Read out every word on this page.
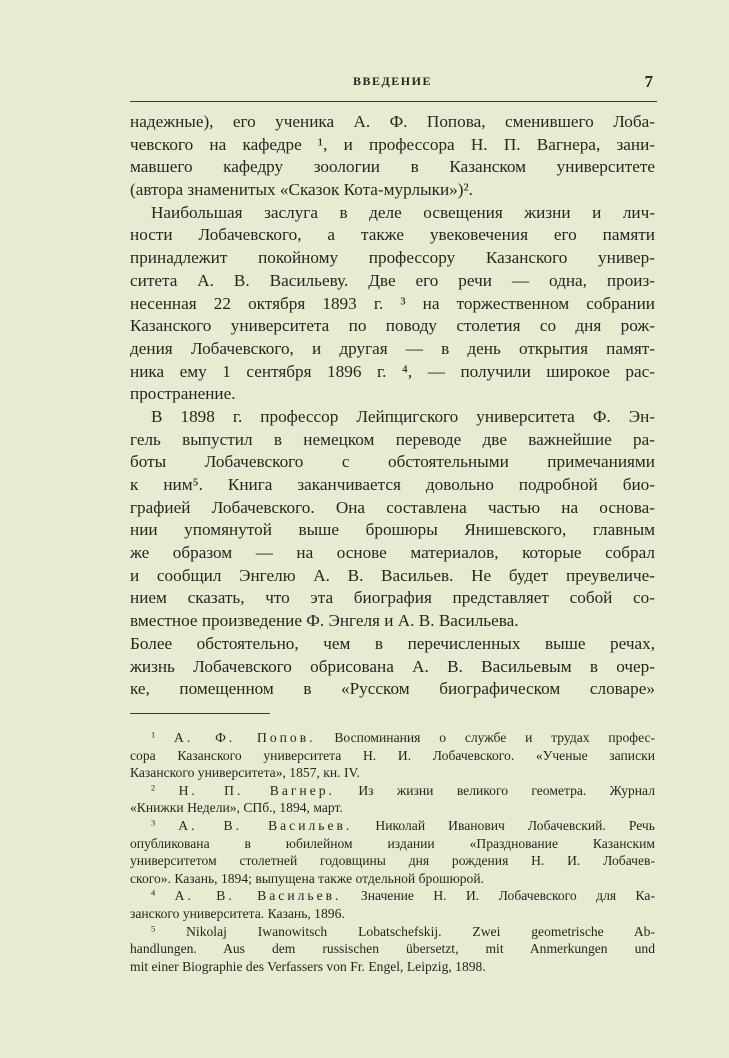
ВВЕДЕНИЕ	7
надежные), его ученика А. Ф. Попова, сменившего Лоба-
чевского на кафедре ¹, и профессора Н. П. Вагнера, зани-
мавшего кафедру зоологии в Казанском университете
(автора знаменитых «Сказок Кота-мурлыки»)².
Наибольшая заслуга в деле освещения жизни и лич-
ности Лобачевского, а также увековечения его памяти
принадлежит покойному профессору Казанского универ-
ситета А. В. Васильеву. Две его речи — одна, произ-
несенная 22 октября 1893 г. ³ на торжественном собрании
Казанского университета по поводу столетия со дня рож-
дения Лобачевского, и другая — в день открытия памят-
ника ему 1 сентября 1896 г. ⁴, — получили широкое рас-
пространение.
В 1898 г. профессор Лейпцигского университета Ф. Эн-
гель выпустил в немецком переводе две важнейшие ра-
боты Лобачевского с обстоятельными примечаниями
к ним⁵. Книга заканчивается довольно подробной био-
графией Лобачевского. Она составлена частью на основа-
нии упомянутой выше брошюры Янишевского, главным
же образом — на основе материалов, которые собрал
и сообщил Энгелю А. В. Васильев. Не будет преувеличе-
нием сказать, что эта биография представляет собой со-
вместное произведение Ф. Энгеля и А. В. Васильева.
Более обстоятельно, чем в перечисленных выше речах,
жизнь Лобачевского обрисована А. В. Васильевым в очер-
ке, помещенном в «Русском биографическом словаре»
$^1$ А. Ф. Попов. Воспоминания о службе и трудах профес-
сора Казанского университета Н. И. Лобачевского. «Ученые записки
Казанского университета», 1857, кн. IV.
$^2$ Н. П. Вагнер. Из жизни великого геометра. Журнал
«Книжки Недели», СПб., 1894, март.
$^3$ А. В. Васильев. Николай Иванович Лобачевский. Речь
опубликована в юбилейном издании «Празднование Казанским
университетом столетней годовщины дня рождения Н. И. Лобачев-
ского». Казань, 1894; выпущена также отдельной брошюрой.
$^4$ А. В. Васильев. Значение Н. И. Лобачевского для Ка-
занского университета. Казань, 1896.
$^5$ Nikolaj Iwanowitsch Lobatschefskij. Zwei geometrische Ab-
handlungen. Aus dem russischen übersetzt, mit Anmerkungen und
mit einer Biographie des Verfassers von Fr. Engel, Leipzig, 1898.
